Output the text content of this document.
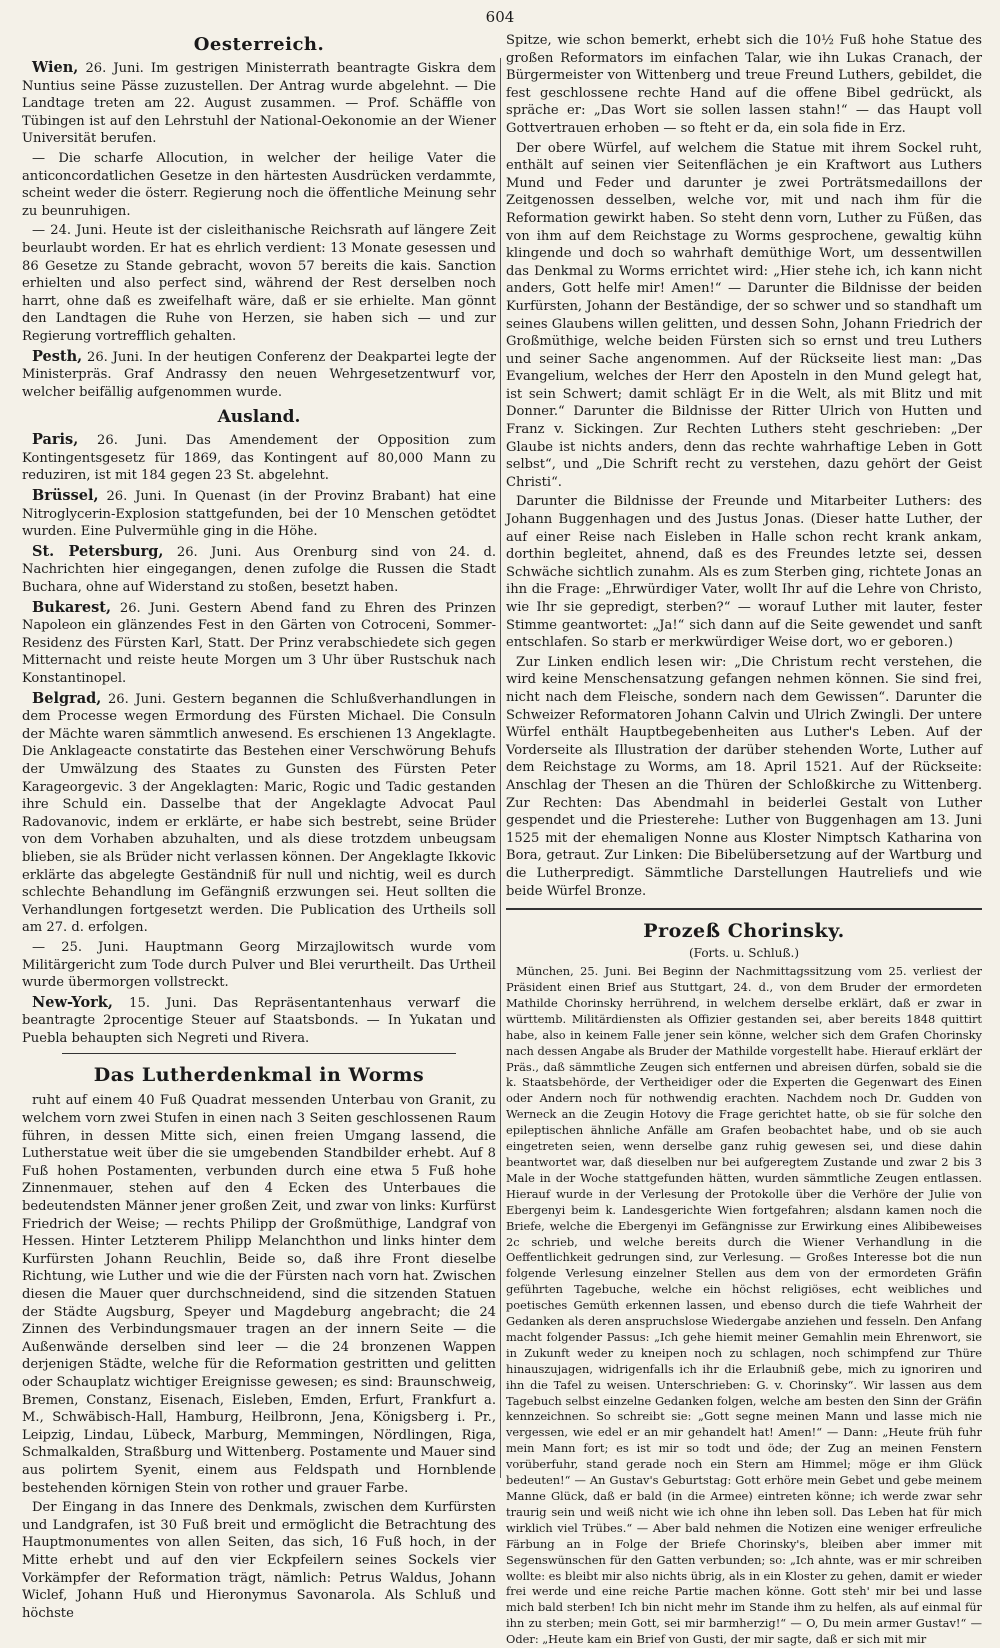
604
Oesterreich.

Wien, 26. Juni. Im gestrigen Ministerrath beantragte Giskra dem Nuntius seine Pässe zuzustellen. Der Antrag wurde abgelehnt. — Die Landtage treten am 22. August zusammen. — Prof. Schäffle von Tübingen ist auf den Lehrstuhl der National-Oekonomie an der Wiener Universität berufen.

— Die scharfe Allocution, in welcher der heilige Vater die anticoncordatlichen Gesetze in den härtesten Ausdrücken verdammte, scheint weder die österr. Regierung noch die öffentliche Meinung sehr zu beunruhigen.

— 24. Juni. Heute ist der cisleithanische Reichsrath auf längere Zeit beurlaubt worden. Er hat es ehrlich verdient: 13 Monate gesessen und 86 Gesetze zu Stande gebracht, wovon 57 bereits die kais. Sanction erhielten und also perfect sind, während der Rest derselben noch harrt, ohne daß es zweifelhaft wäre, daß er sie erhielte. Man gönnt den Landtagen die Ruhe von Herzen, sie haben sich — und zur Regierung vortrefflich gehalten.

Pesth, 26. Juni. In der heutigen Conferenz der Deakpartei legte der Ministerpräs. Graf Andrassy den neuen Wehrgesetzentwurf vor, welcher beifällig aufgenommen wurde.

Ausland.

Paris, 26. Juni. Das Amendement der Opposition zum Kontingentsgesetz für 1869, das Kontingent auf 80,000 Mann zu reduziren, ist mit 184 gegen 23 St. abgelehnt.

Brüssel, 26. Juni. In Quenast (in der Provinz Brabant) hat eine Nitroglycerin-Explosion stattgefunden, bei der 10 Menschen getödtet wurden. Eine Pulvermühle ging in die Höhe.

St. Petersburg, 26. Juni. Aus Orenburg sind von 24. d. Nachrichten hier eingegangen, denen zufolge die Russen die Stadt Buchara, ohne auf Widerstand zu stoßen, besetzt haben.

Bukarest, 26. Juni. Gestern Abend fand zu Ehren des Prinzen Napoleon ein glänzendes Fest in den Gärten von Cotroceni, Sommer-Residenz des Fürsten Karl, Statt. Der Prinz verabschiedete sich gegen Mitternacht und reiste heute Morgen um 3 Uhr über Rustschuk nach Konstantinopel.

Belgrad, 26. Juni. Gestern begannen die Schlußverhandlungen in dem Processe wegen Ermordung des Fürsten Michael. Die Consuln der Mächte waren sämmtlich anwesend. Es erschienen 13 Angeklagte. Die Anklageacte constatirte das Bestehen einer Verschwörung Behufs der Umwälzung des Staates zu Gunsten des Fürsten Peter Karageorgevic. 3 der Angeklagten: Maric, Rogic und Tadic gestanden ihre Schuld ein. Dasselbe that der Angeklagte Advocat Paul Radovanovic, indem er erklärte, er habe sich bestrebt, seine Brüder von dem Vorhaben abzuhalten, und als diese trotzdem unbeugsam blieben, sie als Brüder nicht verlassen können. Der Angeklagte Ikkovic erklärte das abgelegte Geständniß für null und nichtig, weil es durch schlechte Behandlung im Gefängniß erzwungen sei. Heut sollten die Verhandlungen fortgesetzt werden. Die Publication des Urtheils soll am 27. d. erfolgen.

— 25. Juni. Hauptmann Georg Mirzajlowitsch wurde vom Militärgericht zum Tode durch Pulver und Blei verurtheilt. Das Urtheil wurde übermorgen vollstreckt.

New-York, 15. Juni. Das Repräsentantenhaus verwarf die beantragte 2procentige Steuer auf Staatsbonds. — In Yukatan und Puebla behaupten sich Negreti und Rivera.

Das Lutherdenkmal in Worms

ruht auf einem 40 Fuß Quadrat messenden Unterbau von Granit, zu welchem vorn zwei Stufen in einen nach 3 Seiten geschlossenen Raum führen, in dessen Mitte sich, einen freien Umgang lassend, die Lutherstatue weit über die sie umgebenden Standbilder erhebt. Auf 8 Fuß hohen Postamenten, verbunden durch eine etwa 5 Fuß hohe Zinnenmauer, stehen auf den 4 Ecken des Unterbaues die bedeutendsten Männer jener großen Zeit, und zwar von links: Kurfürst Friedrich der Weise; — rechts Philipp der Großmüthige, Landgraf von Hessen. Hinter Letzterem Philipp Melanchthon und links hinter dem Kurfürsten Johann Reuchlin, Beide so, daß ihre Front dieselbe Richtung, wie Luther und wie die der Fürsten nach vorn hat. Zwischen diesen die Mauer quer durchschneidend, sind die sitzenden Statuen der Städte Augsburg, Speyer und Magdeburg angebracht; die 24 Zinnen des Verbindungsmauer tragen an der innern Seite — die Außenwände derselben sind leer — die 24 bronzenen Wappen derjenigen Städte, welche für die Reformation gestritten und gelitten oder Schauplatz wichtiger Ereignisse gewesen; es sind: Braunschweig, Bremen, Constanz, Eisenach, Eisleben, Emden, Erfurt, Frankfurt a. M., Schwäbisch-Hall, Hamburg, Heilbronn, Jena, Königsberg i. Pr., Leipzig, Lindau, Lübeck, Marburg, Memmingen, Nördlingen, Riga, Schmalkalden, Straßburg und Wittenberg. Postamente und Mauer sind aus polirtem Syenit, einem aus Feldspath und Hornblende bestehenden körnigen Stein von rother und grauer Farbe.

Der Eingang in das Innere des Denkmals, zwischen dem Kurfürsten und Landgrafen, ist 30 Fuß breit und ermöglicht die Betrachtung des Hauptmonumentes von allen Seiten, das sich, 16 Fuß hoch, in der Mitte erhebt und auf den vier Eckpfeilern seines Sockels vier Vorkämpfer der Reformation trägt, nämlich: Petrus Waldus, Johann Wiclef, Johann Huß und Hieronymus Savonarola. Als Schluß und höchste

Spitze, wie schon bemerkt, erhebt sich die 10½ Fuß hohe Statue des großen Reformators im einfachen Talar, wie ihn Lukas Cranach, der Bürgermeister von Wittenberg und treue Freund Luthers, gebildet, die fest geschlossene rechte Hand auf die offene Bibel gedrückt, als spräche er: „Das Wort sie sollen lassen stahn!“ — das Haupt voll Gottvertrauen erhoben — so fteht er da, ein sola fide in Erz.

Der obere Würfel, auf welchem die Statue mit ihrem Sockel ruht, enthält auf seinen vier Seitenflächen je ein Kraftwort aus Luthers Mund und Feder und darunter je zwei Porträtsmedaillons der Zeitgenossen desselben, welche vor, mit und nach ihm für die Reformation gewirkt haben. So steht denn vorn, Luther zu Füßen, das von ihm auf dem Reichstage zu Worms gesprochene, gewaltig kühn klingende und doch so wahrhaft demüthige Wort, um dessentwillen das Denkmal zu Worms errichtet wird: „Hier stehe ich, ich kann nicht anders, Gott helfe mir! Amen!“ — Darunter die Bildnisse der beiden Kurfürsten, Johann der Beständige, der so schwer und so standhaft um seines Glaubens willen gelitten, und dessen Sohn, Johann Friedrich der Großmüthige, welche beiden Fürsten sich so ernst und treu Luthers und seiner Sache angenommen. Auf der Rückseite liest man: „Das Evangelium, welches der Herr den Aposteln in den Mund gelegt hat, ist sein Schwert; damit schlägt Er in die Welt, als mit Blitz und mit Donner.“ Darunter die Bildnisse der Ritter Ulrich von Hutten und Franz v. Sickingen. Zur Rechten Luthers steht geschrieben: „Der Glaube ist nichts anders, denn das rechte wahrhaftige Leben in Gott selbst“, und „Die Schrift recht zu verstehen, dazu gehört der Geist Christi“.

Darunter die Bildnisse der Freunde und Mitarbeiter Luthers: des Johann Buggenhagen und des Justus Jonas. (Dieser hatte Luther, der auf einer Reise nach Eisleben in Halle schon recht krank ankam, dorthin begleitet, ahnend, daß es des Freundes letzte sei, dessen Schwäche sichtlich zunahm. Als es zum Sterben ging, richtete Jonas an ihn die Frage: „Ehrwürdiger Vater, wollt Ihr auf die Lehre von Christo, wie Ihr sie gepredigt, sterben?“ — worauf Luther mit lauter, fester Stimme geantwortet: „Ja!“ sich dann auf die Seite gewendet und sanft entschlafen. So starb er merkwürdiger Weise dort, wo er geboren.)

Zur Linken endlich lesen wir: „Die Christum recht verstehen, die wird keine Menschensatzung gefangen nehmen können. Sie sind frei, nicht nach dem Fleische, sondern nach dem Gewissen“. Darunter die Schweizer Reformatoren Johann Calvin und Ulrich Zwingli. Der untere Würfel enthält Hauptbegebenheiten aus Luther's Leben. Auf der Vorderseite als Illustration der darüber stehenden Worte, Luther auf dem Reichstage zu Worms, am 18. April 1521. Auf der Rückseite: Anschlag der Thesen an die Thüren der Schloßkirche zu Wittenberg. Zur Rechten: Das Abendmahl in beiderlei Gestalt von Luther gespendet und die Priesterehe: Luther von Buggenhagen am 13. Juni 1525 mit der ehemaligen Nonne aus Kloster Nimptsch Katharina von Bora, getraut. Zur Linken: Die Bibelübersetzung auf der Wartburg und die Lutherpredigt. Sämmtliche Darstellungen Hautreliefs und wie beide Würfel Bronze.

Prozeß Chorinsky.
(Forts. u. Schluß.)

München, 25. Juni. Bei Beginn der Nachmittagssitzung vom 25. verliest der Präsident einen Brief aus Stuttgart, 24. d., von dem Bruder der ermordeten Mathilde Chorinsky herrührend, in welchem derselbe erklärt, daß er zwar in württemb. Militärdiensten als Offizier gestanden sei, aber bereits 1848 quittirt habe, also in keinem Falle jener sein könne, welcher sich dem Grafen Chorinsky nach dessen Angabe als Bruder der Mathilde vorgestellt habe. Hierauf erklärt der Präs., daß sämmtliche Zeugen sich entfernen und abreisen dürfen, sobald sie die k. Staatsbehörde, der Vertheidiger oder die Experten die Gegenwart des Einen oder Andern noch für nothwendig erachten. Nachdem noch Dr. Gudden von Werneck an die Zeugin Hotovy die Frage gerichtet hatte, ob sie für solche den epileptischen ähnliche Anfälle am Grafen beobachtet habe, und ob sie auch eingetreten seien, wenn derselbe ganz ruhig gewesen sei, und diese dahin beantwortet war, daß dieselben nur bei aufgeregtem Zustande und zwar 2 bis 3 Male in der Woche stattgefunden hätten, wurden sämmtliche Zeugen entlassen. Hierauf wurde in der Verlesung der Protokolle über die Verhöre der Julie von Ebergenyi beim k. Landesgerichte Wien fortgefahren; alsdann kamen noch die Briefe, welche die Ebergenyi im Gefängnisse zur Erwirkung eines Alibibeweises 2c schrieb, und welche bereits durch die Wiener Verhandlung in die Oeffentlichkeit gedrungen sind, zur Verlesung. — Großes Interesse bot die nun folgende Verlesung einzelner Stellen aus dem von der ermordeten Gräfin geführten Tagebuche, welche ein höchst religiöses, echt weibliches und poetisches Gemüth erkennen lassen, und ebenso durch die tiefe Wahrheit der Gedanken als deren anspruchslose Wiedergabe anziehen und fesseln. Den Anfang macht folgender Passus: „Ich gehe hiemit meiner Gemahlin mein Ehrenwort, sie in Zukunft weder zu kneipen noch zu schlagen, noch schimpfend zur Thüre hinauszujagen, widrigenfalls ich ihr die Erlaubniß gebe, mich zu ignoriren und ihn die Tafel zu weisen. Unterschrieben: G. v. Chorinsky“. Wir lassen aus dem Tagebuch selbst einzelne Gedanken folgen, welche am besten den Sinn der Gräfin kennzeichnen. So schreibt sie: „Gott segne meinen Mann und lasse mich nie vergessen, wie edel er an mir gehandelt hat! Amen!“ — Dann: „Heute früh fuhr mein Mann fort; es ist mir so todt und öde; der Zug an meinen Fenstern vorüberfuhr, stand gerade noch ein Stern am Himmel; möge er ihm Glück bedeuten!“ — An Gustav's Geburtstag: Gott erhöre mein Gebet und gebe meinem Manne Glück, daß er bald (in die Armee) eintreten könne; ich werde zwar sehr traurig sein und weiß nicht wie ich ohne ihn leben soll. Das Leben hat für mich wirklich viel Trübes.“ — Aber bald nehmen die Notizen eine weniger erfreuliche Färbung an in Folge der Briefe Chorinsky's, bleiben aber immer mit Segenswünschen für den Gatten verbunden; so: „Ich ahnte, was er mir schreiben wollte: es bleibt mir also nichts übrig, als in ein Kloster zu gehen, damit er wieder frei werde und eine reiche Partie machen könne. Gott steh' mir bei und lasse mich bald sterben! Ich bin nicht mehr im Stande ihm zu helfen, als auf einmal für ihn zu sterben; mein Gott, sei mir barmherzig!“ — O, Du mein armer Gustav!“ — Oder: „Heute kam ein Brief von Gusti, der mir sagte, daß er sich mit mir
